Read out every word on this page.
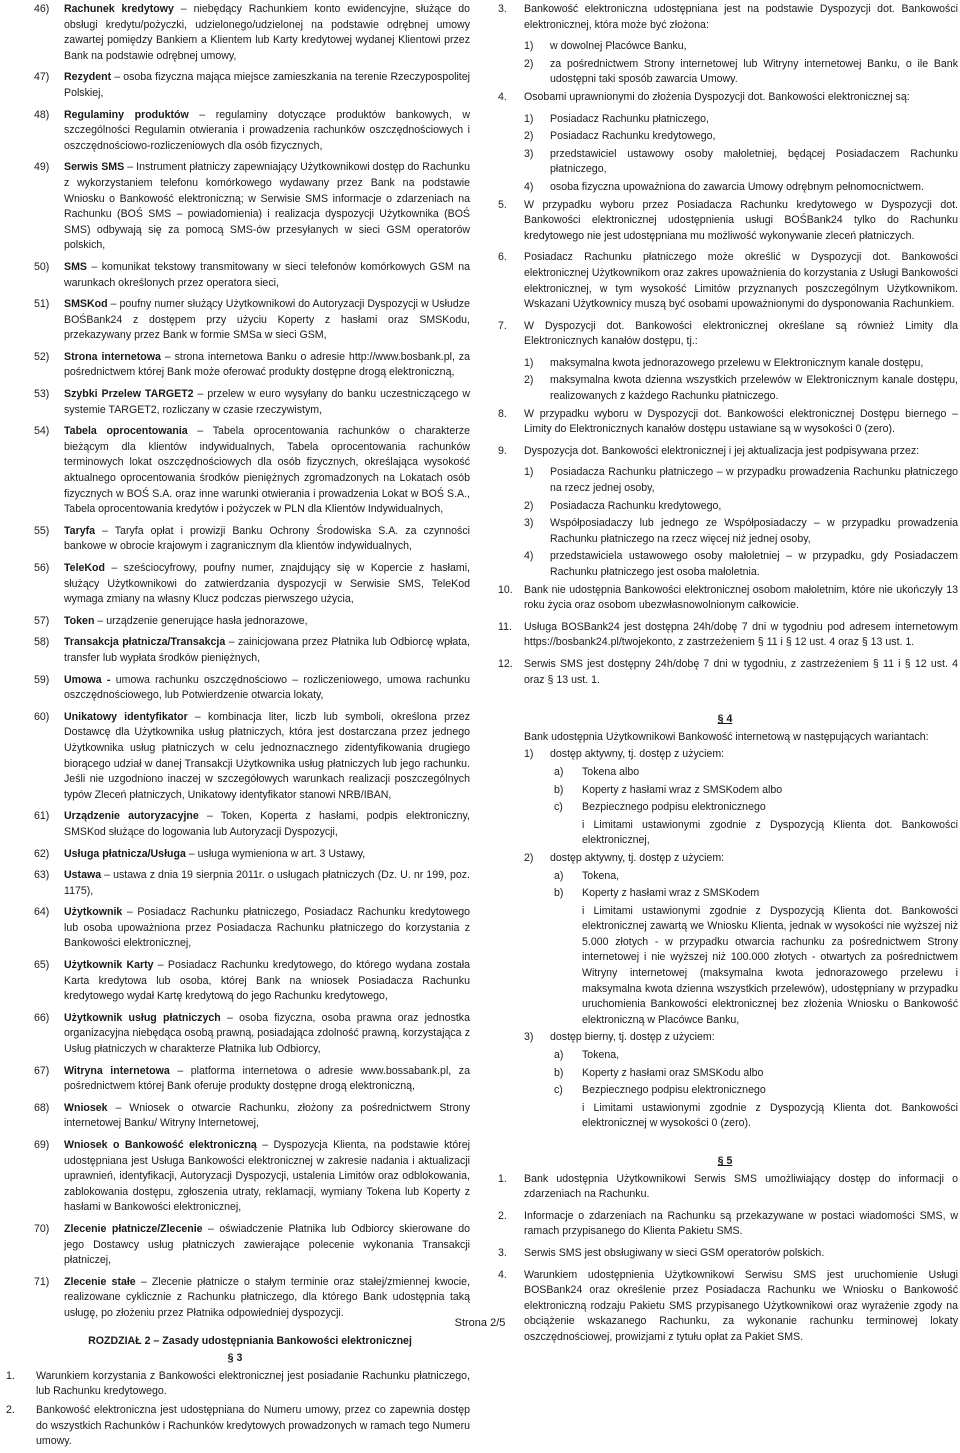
46) Rachunek kredytowy – niebędący Rachunkiem konto ewidencyjne, służące do obsługi kredytu/pożyczki, udzielonego/udzielonej na podstawie odrębnej umowy zawartej pomiędzy Bankiem a Klientem lub Karty kredytowej wydanej Klientowi przez Bank na podstawie odrębnej umowy,
47) Rezydent – osoba fizyczna mająca miejsce zamieszkania na terenie Rzeczypospolitej Polskiej,
48) Regulaminy produktów – regulaminy dotyczące produktów bankowych, w szczególności Regulamin otwierania i prowadzenia rachunków oszczędnościowych i oszczędnościowo-rozliczeniowych dla osób fizycznych,
49) Serwis SMS – Instrument płatniczy zapewniający Użytkownikowi dostęp do Rachunku z wykorzystaniem telefonu komórkowego wydawany przez Bank na podstawie Wniosku o Bankowość elektroniczną; w Serwisie SMS informacje o zdarzeniach na Rachunku (BOŚ SMS – powiadomienia) i realizacja dyspozycji Użytkownika (BOŚ SMS) odbywają się za pomocą SMS-ów przesyłanych w sieci GSM operatorów polskich,
50) SMS – komunikat tekstowy transmitowany w sieci telefonów komórkowych GSM na warunkach określonych przez operatora sieci,
51) SMSKod – poufny numer służący Użytkownikowi do Autoryzacji Dyspozycji w Usłudze BOŚBank24 z dostępem przy użyciu Koperty z hasłami oraz SMSKodu, przekazywany przez Bank w formie SMSa w sieci GSM,
52) Strona internetowa – strona internetowa Banku o adresie http://www.bosbank.pl, za pośrednictwem której Bank może oferować produkty dostępne drogą elektroniczną,
53) Szybki Przelew TARGET2 – przelew w euro wysyłany do banku uczestniczącego w systemie TARGET2, rozliczany w czasie rzeczywistym,
54) Tabela oprocentowania – Tabela oprocentowania rachunków o charakterze bieżącym dla klientów indywidualnych, Tabela oprocentowania rachunków terminowych lokat oszczędnościowych dla osób fizycznych, określająca wysokość aktualnego oprocentowania środków pieniężnych zgromadzonych na Lokatach osób fizycznych w BOŚ S.A. oraz inne warunki otwierania i prowadzenia Lokat w BOŚ S.A., Tabela oprocentowania kredytów i pożyczek w PLN dla Klientów Indywidualnych,
55) Taryfa – Taryfa opłat i prowizji Banku Ochrony Środowiska S.A. za czynności bankowe w obrocie krajowym i zagranicznym dla klientów indywidualnych,
56) TeleKod – sześciocyfrowy, poufny numer, znajdujący się w Kopercie z hasłami, służący Użytkownikowi do zatwierdzania dyspozycji w Serwisie SMS, TeleKod wymaga zmiany na własny Klucz podczas pierwszego użycia,
57) Token – urządzenie generujące hasła jednorazowe,
58) Transakcja płatnicza/Transakcja – zainicjowana przez Płatnika lub Odbiorcę wpłata, transfer lub wypłata środków pieniężnych,
59) Umowa - umowa rachunku oszczędnościowo – rozliczeniowego, umowa rachunku oszczędnościowego, lub Potwierdzenie otwarcia lokaty,
60) Unikatowy identyfikator – kombinacja liter, liczb lub symboli, określona przez Dostawcę dla Użytkownika usług płatniczych, która jest dostarczana przez jednego Użytkownika usług płatniczych w celu jednoznacznego zidentyfikowania drugiego biorącego udział w danej Transakcji Użytkownika usług płatniczych lub jego rachunku. Jeśli nie uzgodniono inaczej w szczegółowych warunkach realizacji poszczególnych typów Zleceń płatniczych, Unikatowy identyfikator stanowi NRB/IBAN,
61) Urządzenie autoryzacyjne – Token, Koperta z hasłami, podpis elektroniczny, SMSKod służące do logowania lub Autoryzacji Dyspozycji,
62) Usługa płatnicza/Usługa – usługa wymieniona w art. 3 Ustawy,
63) Ustawa – ustawa z dnia 19 sierpnia 2011r. o usługach płatniczych (Dz. U. nr 199, poz. 1175),
64) Użytkownik – Posiadacz Rachunku płatniczego, Posiadacz Rachunku kredytowego lub osoba upoważniona przez Posiadacza Rachunku płatniczego do korzystania z Bankowości elektronicznej,
65) Użytkownik Karty – Posiadacz Rachunku kredytowego, do którego wydana została Karta kredytowa lub osoba, której Bank na wniosek Posiadacza Rachunku kredytowego wydał Kartę kredytową do jego Rachunku kredytowego,
66) Użytkownik usług płatniczych – osoba fizyczna, osoba prawna oraz jednostka organizacyjna niebędąca osobą prawną, posiadająca zdolność prawną, korzystająca z Usług płatniczych w charakterze Płatnika lub Odbiorcy,
67) Witryna internetowa – platforma internetowa o adresie www.bossabank.pl, za pośrednictwem której Bank oferuje produkty dostępne drogą elektroniczną,
68) Wniosek – Wniosek o otwarcie Rachunku, złożony za pośrednictwem Strony internetowej Banku/ Witryny Internetowej,
69) Wniosek o Bankowość elektroniczną – Dyspozycja Klienta, na podstawie której udostępniana jest Usługa Bankowości elektronicznej w zakresie nadania i aktualizacji uprawnień, identyfikacji, Autoryzacji Dyspozycji, ustalenia Limitów oraz odblokowania, zablokowania dostępu, zgłoszenia utraty, reklamacji, wymiany Tokena lub Koperty z hasłami w Bankowości elektronicznej,
70) Zlecenie płatnicze/Zlecenie – oświadczenie Płatnika lub Odbiorcy skierowane do jego Dostawcy usług płatniczych zawierające polecenie wykonania Transakcji płatniczej,
71) Zlecenie stałe – Zlecenie płatnicze o stałym terminie oraz stałej/zmiennej kwocie, realizowane cyklicznie z Rachunku płatniczego, dla którego Bank udostępnia taką usługę, po złożeniu przez Płatnika odpowiedniej dyspozycji.
ROZDZIAŁ 2 – Zasady udostępniania Bankowości elektronicznej
§ 3
1. Warunkiem korzystania z Bankowości elektronicznej jest posiadanie Rachunku płatniczego, lub Rachunku kredytowego.
2. Bankowość elektroniczna jest udostępniana do Numeru umowy, przez co zapewnia dostęp do wszystkich Rachunków i Rachunków kredytowych prowadzonych w ramach tego Numeru umowy.
3. Bankowość elektroniczna udostępniana jest na podstawie Dyspozycji dot. Bankowości elektronicznej, która może być złożona:
1) w dowolnej Placówce Banku,
2) za pośrednictwem Strony internetowej lub Witryny internetowej Banku, o ile Bank udostępni taki sposób zawarcia Umowy.
4. Osobami uprawnionymi do złożenia Dyspozycji dot. Bankowości elektronicznej są:
1) Posiadacz Rachunku płatniczego,
2) Posiadacz Rachunku kredytowego,
3) przedstawiciel ustawowy osoby małoletniej, będącej Posiadaczem Rachunku płatniczego,
4) osoba fizyczna upoważniona do zawarcia Umowy odrębnym pełnomocnictwem.
5. W przypadku wyboru przez Posiadacza Rachunku kredytowego w Dyspozycji dot. Bankowości elektronicznej udostępnienia usługi BOŚBank24 tylko do Rachunku kredytowego nie jest udostępniana mu możliwość wykonywanie zleceń płatniczych.
6. Posiadacz Rachunku płatniczego może określić w Dyspozycji dot. Bankowości elektronicznej Użytkownikom oraz zakres upoważnienia do korzystania z Usługi Bankowości elektronicznej, w tym wysokość Limitów przyznanych poszczególnym Użytkownikom. Wskazani Użytkownicy muszą być osobami upoważnionymi do dysponowania Rachunkiem.
7. W Dyspozycji dot. Bankowości elektronicznej określane są również Limity dla Elektronicznych kanałów dostępu, tj.:
1) maksymalna kwota jednorazowego przelewu w Elektronicznym kanale dostępu,
2) maksymalna kwota dzienna wszystkich przelewów w Elektronicznym kanale dostępu, realizowanych z każdego Rachunku płatniczego.
8. W przypadku wyboru w Dyspozycji dot. Bankowości elektronicznej Dostępu biernego – Limity do Elektronicznych kanałów dostępu ustawiane są w wysokości 0 (zero).
9. Dyspozycja dot. Bankowości elektronicznej i jej aktualizacja jest podpisywana przez:
1) Posiadacza Rachunku płatniczego – w przypadku prowadzenia Rachunku płatniczego na rzecz jednej osoby,
2) Posiadacza Rachunku kredytowego,
3) Współposiadaczy lub jednego ze Współposiadaczy – w przypadku prowadzenia Rachunku płatniczego na rzecz więcej niż jednej osoby,
4) przedstawiciela ustawowego osoby małoletniej – w przypadku, gdy Posiadaczem Rachunku płatniczego jest osoba małoletnia.
10. Bank nie udostępnia Bankowości elektronicznej osobom małoletnim, które nie ukończyły 13 roku życia oraz osobom ubezwłasnowolnionym całkowicie.
11. Usługa BOSBank24 jest dostępna 24h/dobę 7 dni w tygodniu pod adresem internetowym https://bosbank24.pl/twojekonto, z zastrzeżeniem § 11 i § 12 ust. 4 oraz § 13 ust. 1.
12. Serwis SMS jest dostępny 24h/dobę 7 dni w tygodniu, z zastrzeżeniem § 11 i § 12 ust. 4 oraz § 13 ust. 1.
§ 4
Bank udostępnia Użytkownikowi Bankowość internetową w następujących wariantach:
1) dostęp aktywny, tj. dostęp z użyciem:
a) Tokena albo
b) Koperty z hasłami wraz z SMSKodem albo
c) Bezpiecznego podpisu elektronicznego
i Limitami ustawionymi zgodnie z Dyspozycją Klienta dot. Bankowości elektronicznej,
2) dostęp aktywny, tj. dostęp z użyciem:
a) Tokena,
b) Koperty z hasłami wraz z SMSKodem
i Limitami ustawionymi zgodnie z Dyspozycją Klienta dot. Bankowości elektronicznej zawartą we Wniosku Klienta, jednak w wysokości nie wyższej niż 5.000 złotych - w przypadku otwarcia rachunku za pośrednictwem Strony internetowej i nie wyższej niż 100.000 złotych - otwartych za pośrednictwem Witryny internetowej (maksymalna kwota jednorazowego przelewu i maksymalna kwota dzienna wszystkich przelewów), udostępniany w przypadku uruchomienia Bankowości elektronicznej bez złożenia Wniosku o Bankowość elektroniczną w Placówce Banku,
3) dostęp bierny, tj. dostęp z użyciem:
a) Tokena,
b) Koperty z hasłami oraz SMSKodu albo
c) Bezpiecznego podpisu elektronicznego
i Limitami ustawionymi zgodnie z Dyspozycją Klienta dot. Bankowości elektronicznej w wysokości 0 (zero).
§ 5
1. Bank udostępnia Użytkownikowi Serwis SMS umożliwiający dostęp do informacji o zdarzeniach na Rachunku.
2. Informacje o zdarzeniach na Rachunku są przekazywane w postaci wiadomości SMS, w ramach przypisanego do Klienta Pakietu SMS.
3. Serwis SMS jest obsługiwany w sieci GSM operatorów polskich.
4. Warunkiem udostępnienia Użytkownikowi Serwisu SMS jest uruchomienie Usługi BOSBank24 oraz określenie przez Posiadacza Rachunku we Wniosku o Bankowość elektroniczną rodzaju Pakietu SMS przypisanego Użytkownikowi oraz wyrażenie zgody na obciążenie wskazanego Rachunku, za wykonanie rachunku terminowej lokaty oszczędnościowej, prowizjami z tytułu opłat za Pakiet SMS.
Strona 2/5
